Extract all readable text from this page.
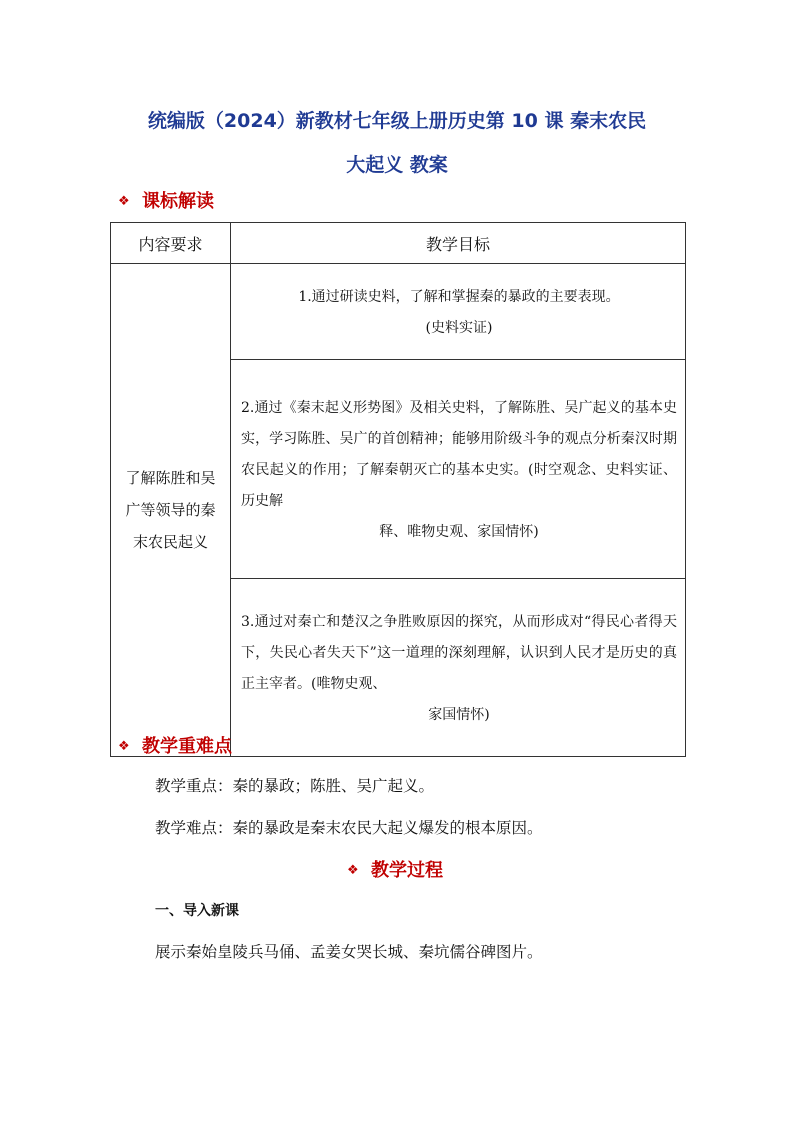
统编版（2024）新教材七年级上册历史第 10 课 秦末农民
大起义 教案
❖ 课标解读
内容要求	教学目标
了解陈胜和吴广等领导的秦末农民起义	1.通过研读史料，了解和掌握秦的暴政的主要表现。
(史料实证)

	2.通过《秦末起义形势图》及相关史料，了解陈胜、吴广起义的基本史实，学习陈胜、吴广的首创精神；能够用阶级斗争的观点分析秦汉时期农民起义的作用；了解秦朝灭亡的基本史实。(时空观念、史料实证、历史解
释、唯物史观、家国情怀)

	3.通过对秦亡和楚汉之争胜败原因的探究，从而形成对“得民心者得天下，失民心者失天下”这一道理的深刻理解，认识到人民才是历史的真正主宰者。(唯物史观、
家国情怀)
❖ 教学重难点
教学重点：秦的暴政；陈胜、吴广起义。
教学难点：秦的暴政是秦末农民大起义爆发的根本原因。
❖ 教学过程
一、导入新课
展示秦始皇陵兵马俑、孟姜女哭长城、秦坑儒谷碑图片。
